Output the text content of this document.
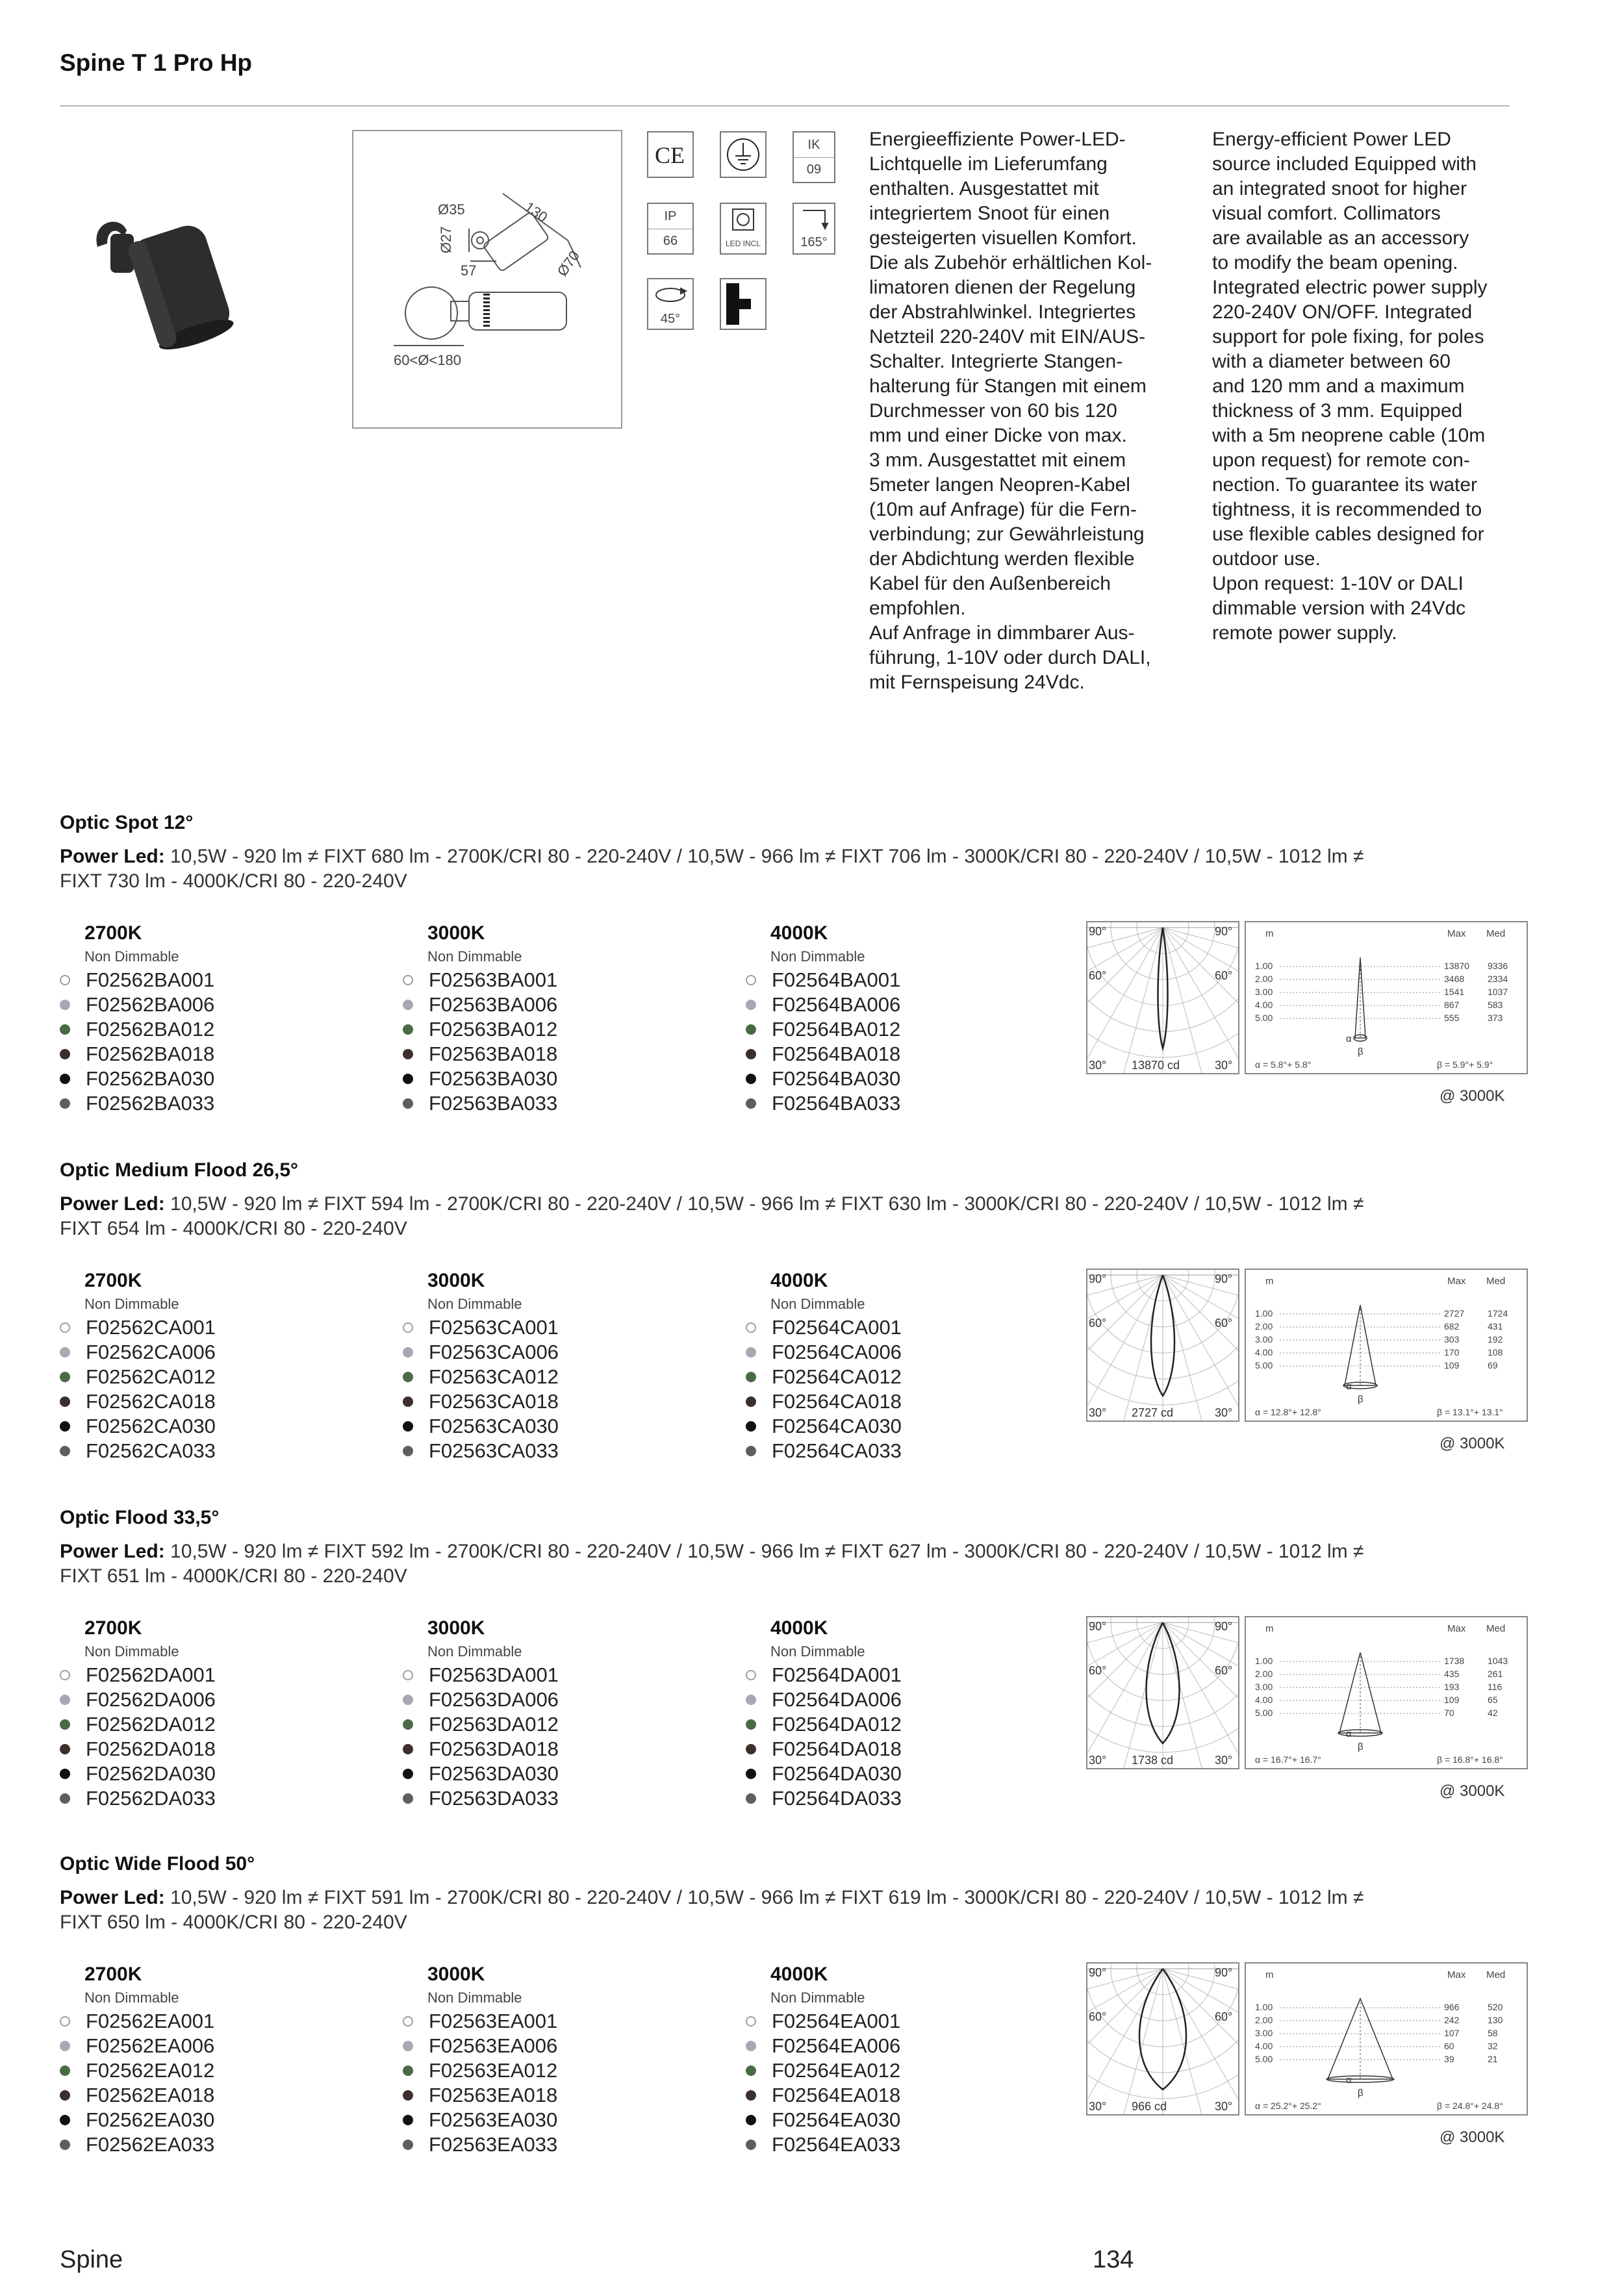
Spine T 1 Pro Hp
Ø35	130
Ø27
Ø70
57
60<Ø<180
CE	IK
09
IP
66	LED INCL	165°
45°
Energieeffiziente Power-LED-
Lichtquelle im Lieferumfang
enthalten. Ausgestattet mit
integriertem Snoot für einen
gesteigerten visuellen Komfort.
Die als Zubehör erhältlichen Kol-
limatoren dienen der Regelung
der Abstrahlwinkel. Integriertes
Netzteil 220-240V mit EIN/AUS-
Schalter. Integrierte Stangen-
halterung für Stangen mit einem
Durchmesser von 60 bis 120
mm und einer Dicke von max.
3 mm. Ausgestattet mit einem
5meter langen Neopren-Kabel
(10m auf Anfrage) für die Fern-
verbindung; zur Gewährleistung
der Abdichtung werden flexible
Kabel für den Außenbereich
empfohlen.
Auf Anfrage in dimmbarer Aus-
führung, 1-10V oder durch DALI,
mit Fernspeisung 24Vdc.
Energy-efficient Power LED
source included Equipped with
an integrated snoot for higher
visual comfort. Collimators
are available as an accessory
to modify the beam opening.
Integrated electric power supply
220-240V ON/OFF. Integrated
support for pole fixing, for poles
with a diameter between 60
and 120 mm and a maximum
thickness of 3 mm. Equipped
with a 5m neoprene cable (10m
upon request) for remote con-
nection. To guarantee its water
tightness, it is recommended to
use flexible cables designed for
outdoor use.
Upon request: 1-10V or DALI
dimmable version with 24Vdc
remote power supply.
Optic Spot 12°
Power Led: 10,5W - 920 lm ≠ FIXT 680 lm - 2700K/CRI 80 - 220-240V / 10,5W - 966 lm ≠ FIXT 706 lm - 3000K/CRI 80 - 220-240V / 10,5W - 1012 lm ≠
FIXT 730 lm - 4000K/CRI 80 - 220-240V
2700K
Non Dimmable
F02562BA001
F02562BA006
F02562BA012
F02562BA018
F02562BA030
F02562BA033
3000K
Non Dimmable
F02563BA001
F02563BA006
F02563BA012
F02563BA018
F02563BA030
F02563BA033
4000K
Non Dimmable
F02564BA001
F02564BA006
F02564BA012
F02564BA018
F02564BA030
F02564BA033
90°	90°
60°	60°
30°	30°
13870 cd
m	Max Med
1.00	13870 9336
2.00	3468	2334
3.00	1541	1037
4.00	867	583
5.00	555	373
α
β
α = 5.8°+ 5.8°	β = 5.9°+ 5.9°
@ 3000K
Optic Medium Flood 26,5°
Power Led: 10,5W - 920 lm ≠ FIXT 594 lm - 2700K/CRI 80 - 220-240V / 10,5W - 966 lm ≠ FIXT 630 lm - 3000K/CRI 80 - 220-240V / 10,5W - 1012 lm ≠
FIXT 654 lm - 4000K/CRI 80 - 220-240V
2700K
Non Dimmable
F02562CA001
F02562CA006
F02562CA012
F02562CA018
F02562CA030
F02562CA033
3000K
Non Dimmable
F02563CA001
F02563CA006
F02563CA012
F02563CA018
F02563CA030
F02563CA033
4000K
Non Dimmable
F02564CA001
F02564CA006
F02564CA012
F02564CA018
F02564CA030
F02564CA033
90°	90°
60°	60°
30°	30°
2727 cd
m	Max Med
1.00	2727	1724
2.00	682	431
3.00	303	192
4.00	170	108
5.00	109	69
α
β
α = 12.8°+ 12.8°	β = 13.1°+ 13.1°
@ 3000K
Optic Flood 33,5°
Power Led: 10,5W - 920 lm ≠ FIXT 592 lm - 2700K/CRI 80 - 220-240V / 10,5W - 966 lm ≠ FIXT 627 lm - 3000K/CRI 80 - 220-240V / 10,5W - 1012 lm ≠
FIXT 651 lm - 4000K/CRI 80 - 220-240V
2700K
Non Dimmable
F02562DA001
F02562DA006
F02562DA012
F02562DA018
F02562DA030
F02562DA033
3000K
Non Dimmable
F02563DA001
F02563DA006
F02563DA012
F02563DA018
F02563DA030
F02563DA033
4000K
Non Dimmable
F02564DA001
F02564DA006
F02564DA012
F02564DA018
F02564DA030
F02564DA033
90°	90°
60°	60°
30°	30°
1738 cd
m	Max Med
1.00	1738	1043
2.00	435	261
3.00	193	116
4.00	109	65
5.00	70	42
α
β
α = 16.7°+ 16.7°	β = 16.8°+ 16.8°
@ 3000K
Optic Wide Flood 50°
Power Led: 10,5W - 920 lm ≠ FIXT 591 lm - 2700K/CRI 80 - 220-240V / 10,5W - 966 lm ≠ FIXT 619 lm - 3000K/CRI 80 - 220-240V / 10,5W - 1012 lm ≠
FIXT 650 lm - 4000K/CRI 80 - 220-240V
2700K
Non Dimmable
F02562EA001
F02562EA006
F02562EA012
F02562EA018
F02562EA030
F02562EA033
3000K
Non Dimmable
F02563EA001
F02563EA006
F02563EA012
F02563EA018
F02563EA030
F02563EA033
4000K
Non Dimmable
F02564EA001
F02564EA006
F02564EA012
F02564EA018
F02564EA030
F02564EA033
90°	90°
60°	60°
30°	30°
966 cd
m	Max Med
1.00	966	520
2.00	242	130
3.00	107	58
4.00	60	32
5.00	39	21
α
β
α = 25.2°+ 25.2°	β = 24.8°+ 24.8°
@ 3000K
Spine	134
